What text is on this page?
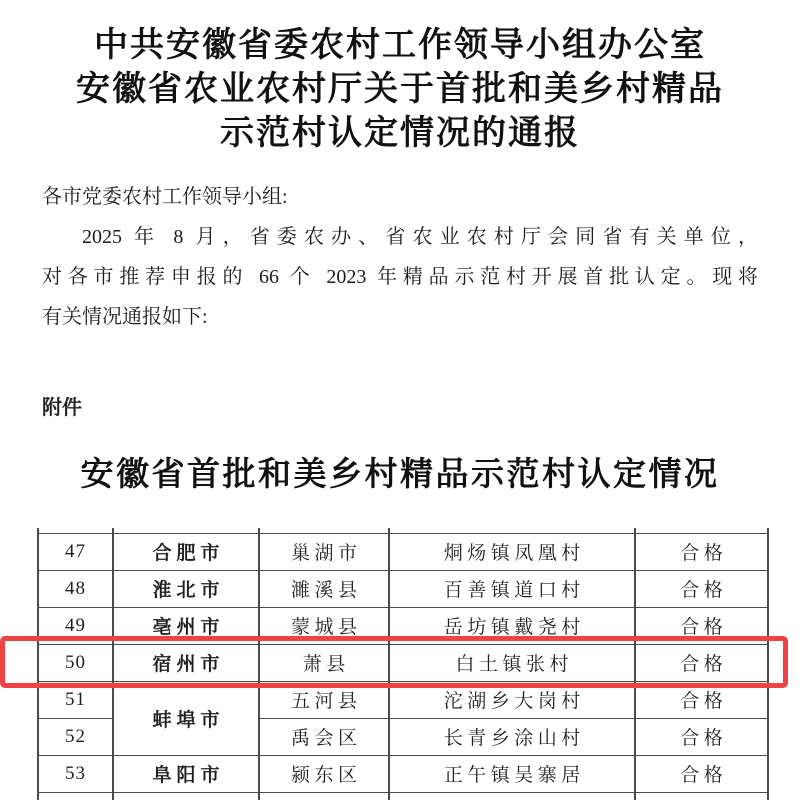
中共安徽省委农村工作领导小组办公室
安徽省农业农村厅关于首批和美乡村精品
示范村认定情况的通报
各市党委农村工作领导小组:
2025 年 8 月，省委农办、省农业农村厅会同省有关单位，
对各市推荐申报的 66 个 2023 年精品示范村开展首批认定。现将
有关情况通报如下:
附件
安徽省首批和美乡村精品示范村认定情况

47	合肥市	巢湖市	烔炀镇凤凰村	合格
48	淮北市	濉溪县	百善镇道口村	合格
49	亳州市	蒙城县	岳坊镇戴尧村	合格
50	宿州市	萧县	白土镇张村	合格
51	蚌埠市	五河县	沱湖乡大岗村	合格
52		禹会区	长青乡涂山村	合格
53	阜阳市	颍东区	正午镇吴寨居	合格
